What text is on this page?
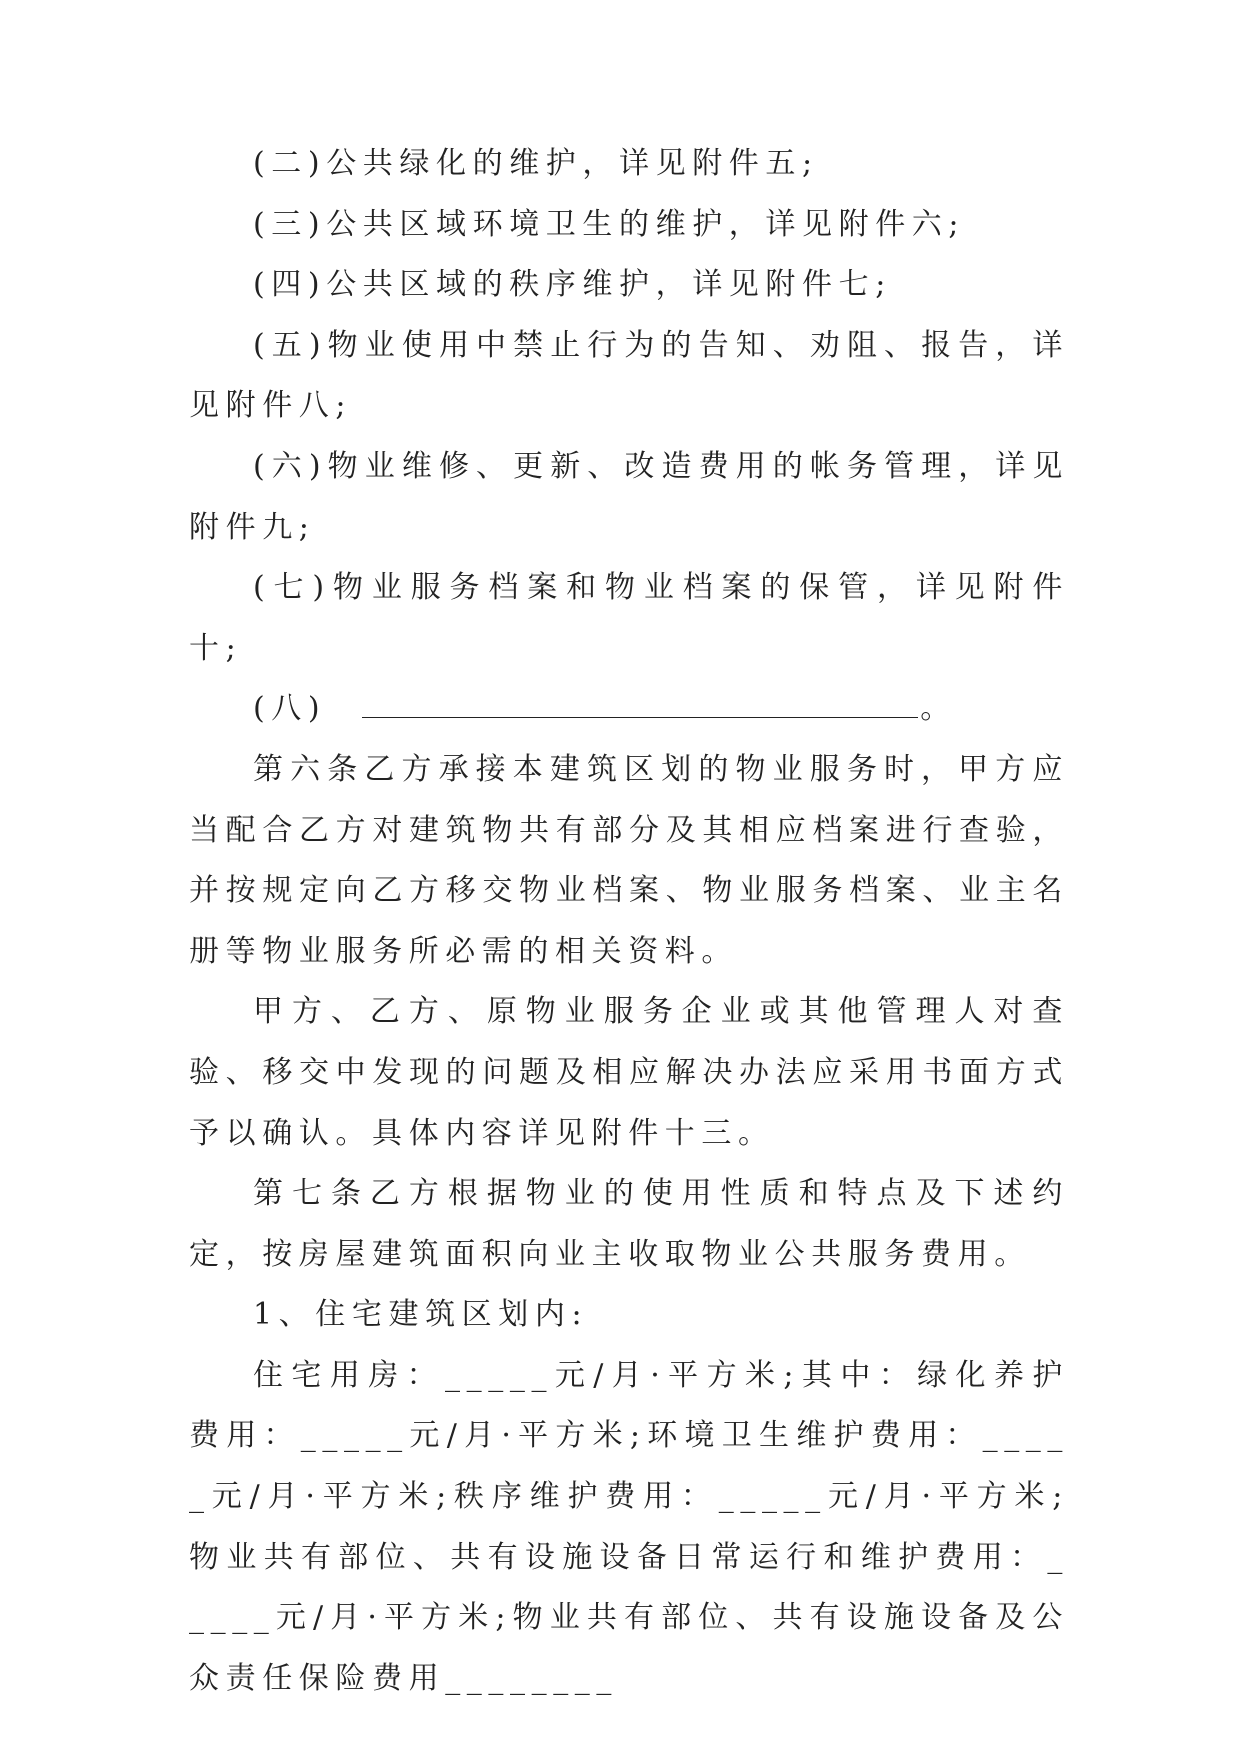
(二)公共绿化的维护，详见附件五;

(三)公共区域环境卫生的维护，详见附件六;

(四)公共区域的秩序维护，详见附件七;

(五)物业使用中禁止行为的告知、劝阻、报告，详见附件八;

(六)物业维修、更新、改造费用的帐务管理，详见附件九;

(七)物业服务档案和物业档案的保管，详见附件十;

(八)	。

第六条乙方承接本建筑区划的物业服务时，甲方应当配合乙方对建筑物共有部分及其相应档案进行查验，并按规定向乙方移交物业档案、物业服务档案、业主名册等物业服务所必需的相关资料。

甲方、乙方、原物业服务企业或其他管理人对查验、移交中发现的问题及相应解决办法应采用书面方式予以确认。具体内容详见附件十三。

第七条乙方根据物业的使用性质和特点及下述约定，按房屋建筑面积向业主收取物业公共服务费用。

1、住宅建筑区划内:

住宅用房：_____元/月·平方米;其中：绿化养护费用：_____元/月·平方米;环境卫生维护费用：_____元/月·平方米;秩序维护费用：_____元/月·平方米;物业共有部位、共有设施设备日常运行和维护费用：_____元/月·平方米;物业共有部位、共有设施设备及公众责任保险费用________
